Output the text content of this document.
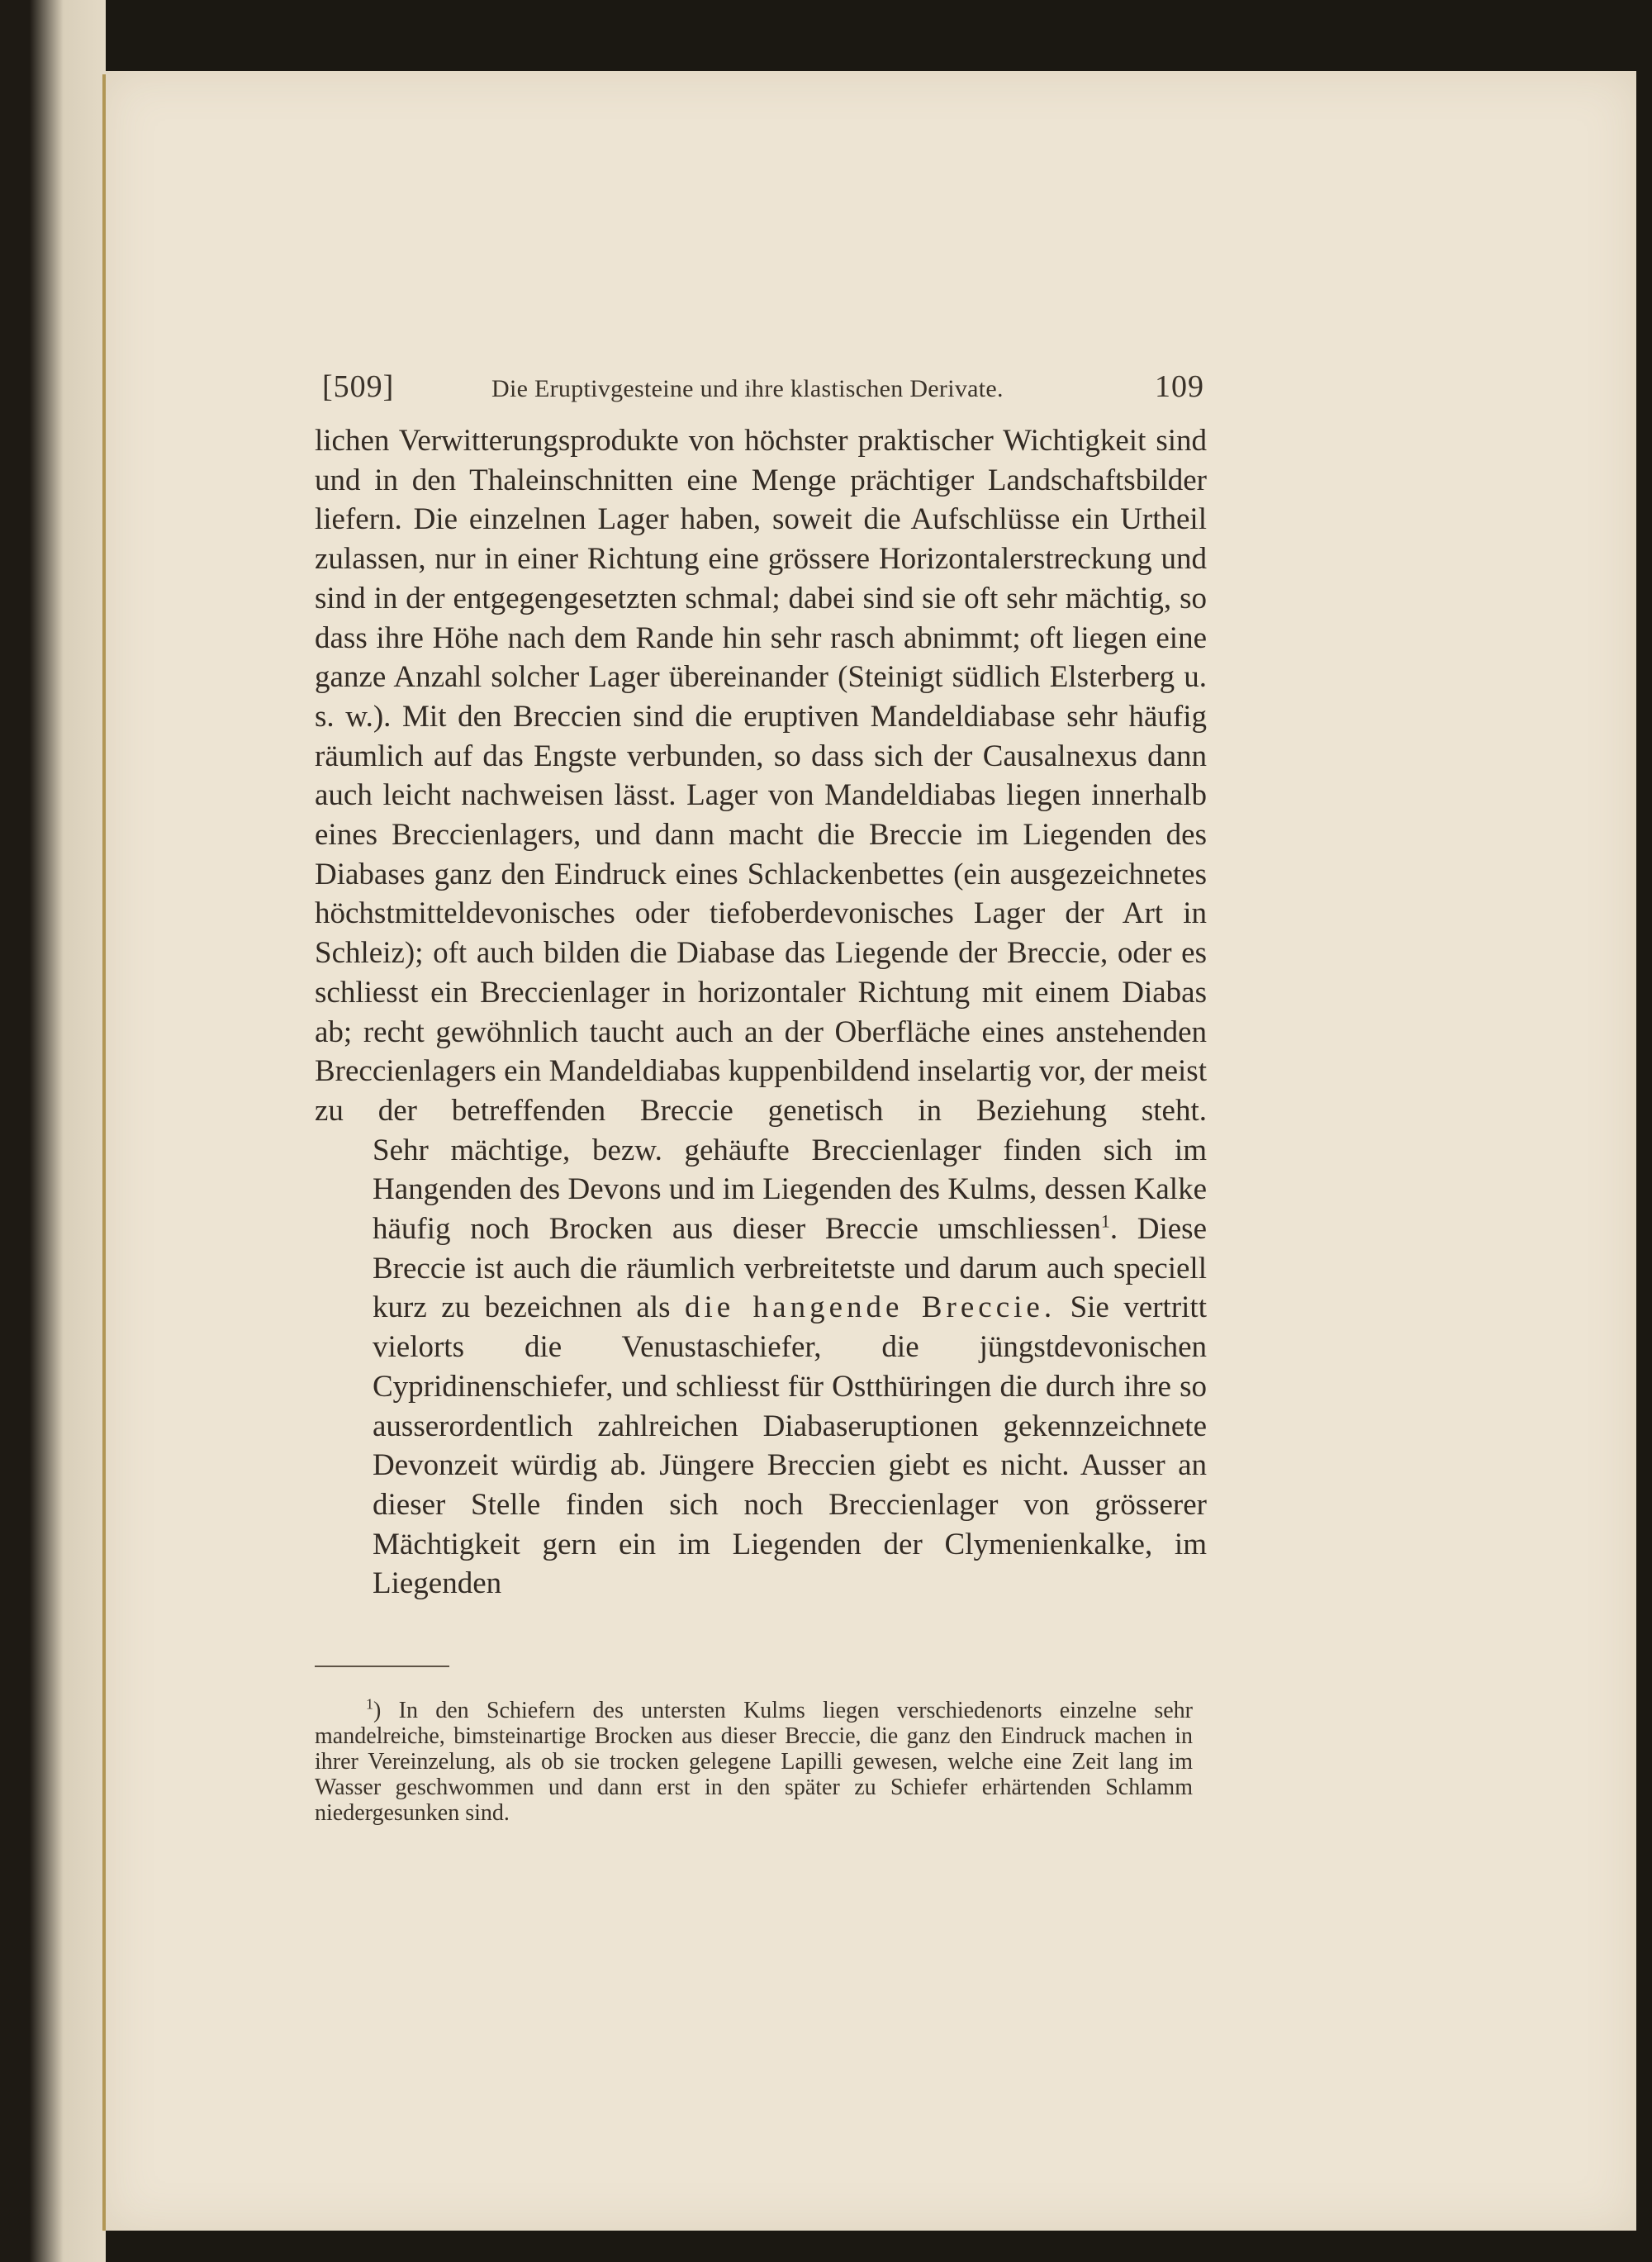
[509]	Die Eruptivgesteine und ihre klastischen Derivate.	109

lichen Verwitterungsprodukte von höchster praktischer Wichtigkeit sind und in den Thaleinschnitten eine Menge prächtiger Landschaftsbilder liefern. Die einzelnen Lager haben, soweit die Aufschlüsse ein Urtheil zulassen, nur in einer Richtung eine grössere Horizontalerstreckung und sind in der entgegengesetzten schmal; dabei sind sie oft sehr mächtig, so dass ihre Höhe nach dem Rande hin sehr rasch abnimmt; oft liegen eine ganze Anzahl solcher Lager übereinander (Steinigt südlich Elsterberg u. s. w.). Mit den Breccien sind die eruptiven Mandeldiabase sehr häufig räumlich auf das Engste verbunden, so dass sich der Causalnexus dann auch leicht nachweisen lässt. Lager von Mandeldiabas liegen innerhalb eines Breccienlagers, und dann macht die Breccie im Liegenden des Diabases ganz den Eindruck eines Schlackenbettes (ein ausgezeichnetes höchstmitteldevonisches oder tiefoberdevonisches Lager der Art in Schleiz); oft auch bilden die Diabase das Liegende der Breccie, oder es schliesst ein Breccienlager in horizontaler Richtung mit einem Diabas ab; recht gewöhnlich taucht auch an der Oberfläche eines anstehenden Breccienlagers ein Mandeldiabas kuppenbildend inselartig vor, der meist zu der betreffenden Breccie genetisch in Beziehung steht.

Sehr mächtige, bezw. gehäufte Breccienlager finden sich im Hangenden des Devons und im Liegenden des Kulms, dessen Kalke häufig noch Brocken aus dieser Breccie umschliessen$^1$. Diese Breccie ist auch die räumlich verbreitetste und darum auch speciell kurz zu bezeichnen als die hangende Breccie. Sie vertritt vielorts die Venustaschiefer, die jüngstdevonischen Cypridinenschiefer, und schliesst für Ostthüringen die durch ihre so ausserordentlich zahlreichen Diabaseruptionen gekennzeichnete Devonzeit würdig ab. Jüngere Breccien giebt es nicht. Ausser an dieser Stelle finden sich noch Breccienlager von grösserer Mächtigkeit gern ein im Liegenden der Clymenienkalke, im Liegenden

$^1$) In den Schiefern des untersten Kulms liegen verschiedenorts einzelne sehr mandelreiche, bimsteinartige Brocken aus dieser Breccie, die ganz den Eindruck machen in ihrer Vereinzelung, als ob sie trocken gelegene Lapilli gewesen, welche eine Zeit lang im Wasser geschwommen und dann erst in den später zu Schiefer erhärtenden Schlamm niedergesunken sind.
